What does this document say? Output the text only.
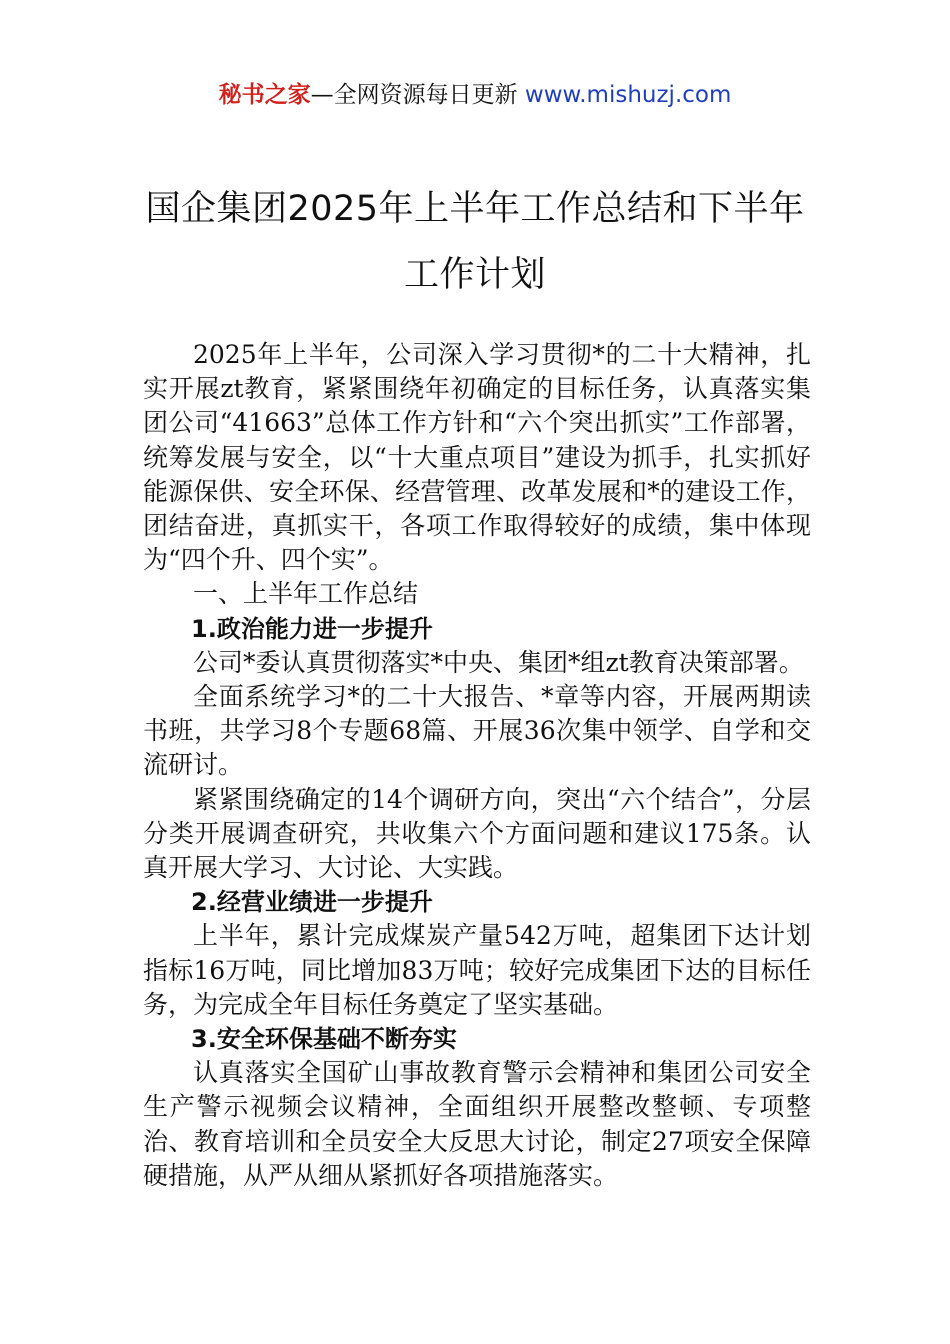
秘书之家—全网资源每日更新 www.mishuzj.com
国企集团2025年上半年工作总结和下半年
工作计划

2025年上半年，公司深入学习贯彻*的二十大精神，扎实开展zt教育，紧紧围绕年初确定的目标任务，认真落实集团公司“41663”总体工作方针和“六个突出抓实”工作部署，统筹发展与安全，以“十大重点项目”建设为抓手，扎实抓好能源保供、安全环保、经营管理、改革发展和*的建设工作，团结奋进，真抓实干，各项工作取得较好的成绩，集中体现为“四个升、四个实”。

一、上半年工作总结

1.政治能力进一步提升

公司*委认真贯彻落实*中央、集团*组zt教育决策部署。

全面系统学习*的二十大报告、*章等内容，开展两期读书班，共学习8个专题68篇、开展36次集中领学、自学和交流研讨。

紧紧围绕确定的14个调研方向，突出“六个结合”，分层分类开展调查研究，共收集六个方面问题和建议175条。认真开展大学习、大讨论、大实践。

2.经营业绩进一步提升

上半年，累计完成煤炭产量542万吨，超集团下达计划指标16万吨，同比增加83万吨；较好完成集团下达的目标任务，为完成全年目标任务奠定了坚实基础。

3.安全环保基础不断夯实

认真落实全国矿山事故教育警示会精神和集团公司安全生产警示视频会议精神，全面组织开展整改整顿、专项整治、教育培训和全员安全大反思大讨论，制定27项安全保障硬措施，从严从细从紧抓好各项措施落实。
